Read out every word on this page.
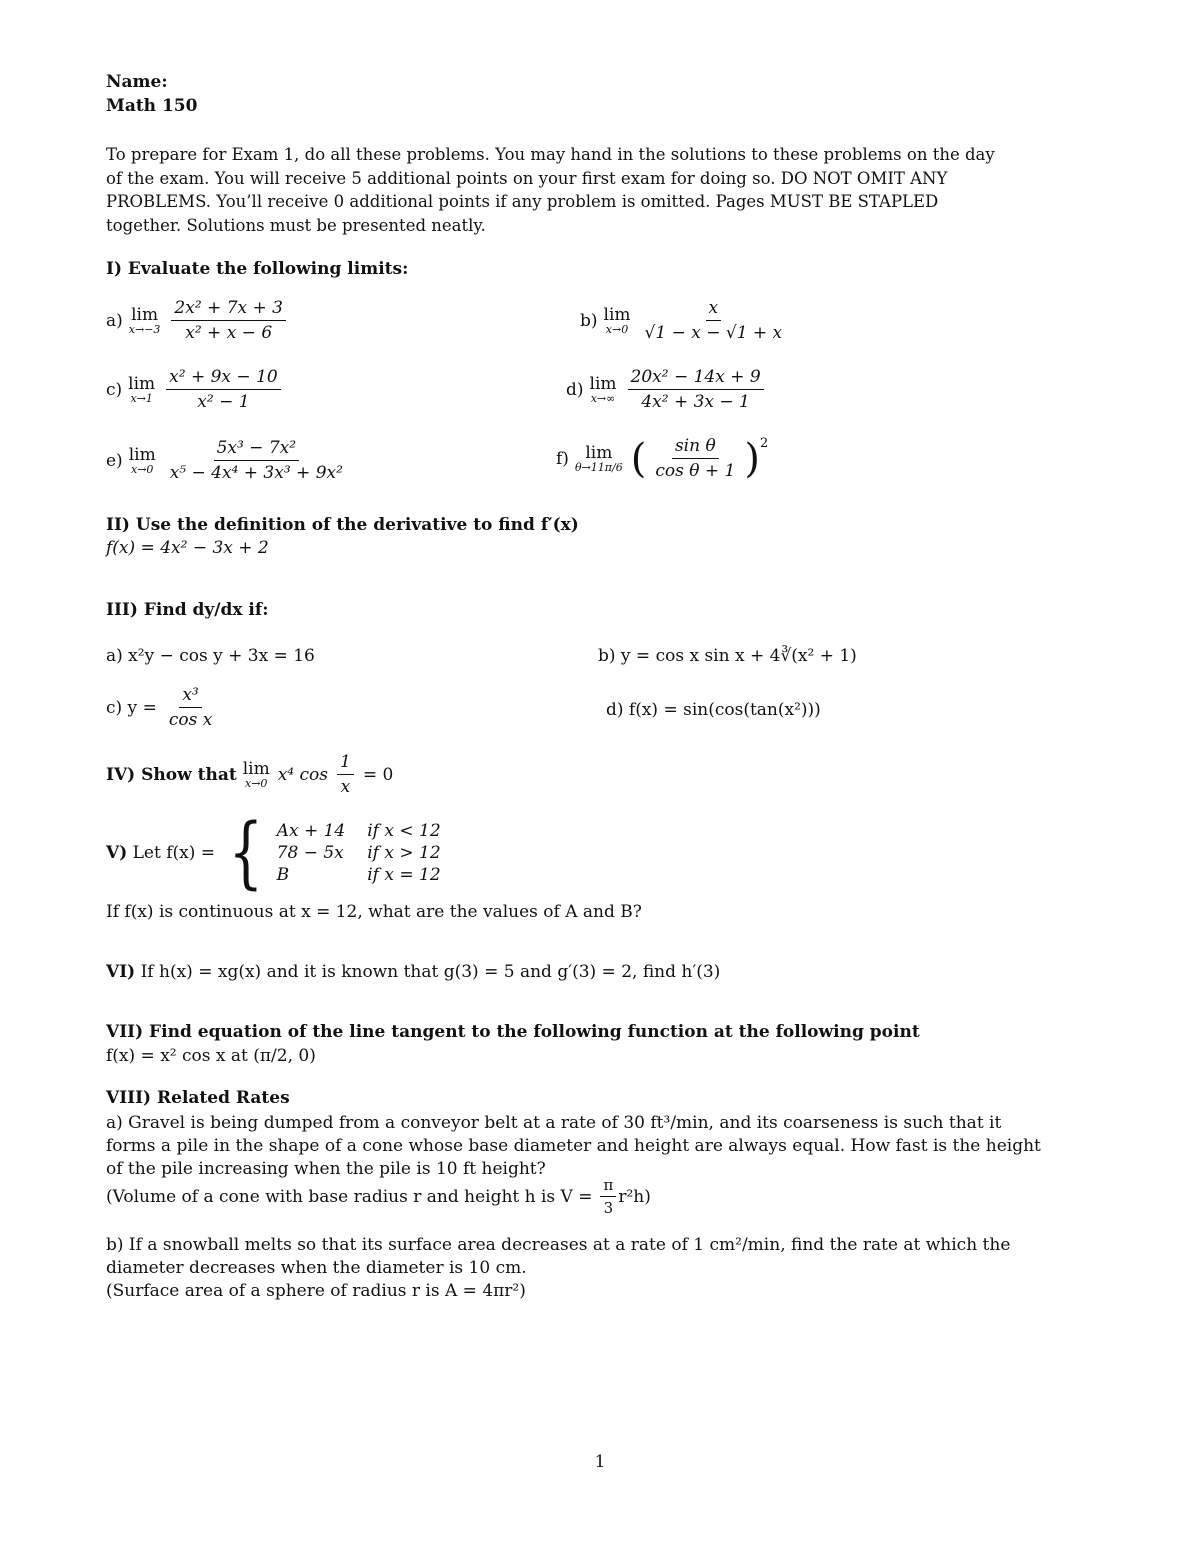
Name:
Math 150
To prepare for Exam 1, do all these problems. You may hand in the solutions to these problems on the day
of the exam. You will receive 5 additional points on your first exam for doing so. DO NOT OMIT ANY
PROBLEMS. You’ll receive 0 additional points if any problem is omitted. Pages MUST BE STAPLED
together. Solutions must be presented neatly.
I) Evaluate the following limits:
a) lim
$x\to-3 \frac{\text{2x² + 7x + 3}}{\text{x² + x − 6}}$	b) lim
$x\to 0 \frac{x}{√1 - x - √1 + x}$
c) lim
$x\to 1 \frac{\text{x² + 9x − 10}}{\text{x² − 1}}$	d) lim
$x\to\infty \frac{\text{20x² − 14x + 9}}{\text{4x² + 3x − 1}}$
e) lim
$x\to 0 \frac{\text{5x³ − 7x²}}{\text{x⁵ − 4x⁴ + 3x³ + 9x²}}$	f) lim
θ→11π/6 ( $\frac{\text{sin θ}}{\text{cos θ + 1}}$ ) 2
II) Use the definition of the derivative to find f′(x)
f(x) = 4x² − 3x + 2
III) Find dy/dx if:
a) x²y − cos y + 3x = 16	b) y = cos x sin x + 4∛(x² + 1)
c) $y = \frac{\text{x³}}{\text{cos x}}$	d) f(x) = sin(cos(tan(x²)))
IV) Show that lim
x→0 x⁴ $\cos \frac{1}{x} = 0$
V) Let f(x) = { Ax + 14 if x < 12
78 − 5x if x > 12
B	if x = 12
If f(x) is continuous at x = 12, what are the values of A and B?
VI) If h(x) = xg(x) and it is known that g(3) = 5 and g′(3) = 2, find h′(3)
VII) Find equation of the line tangent to the following function at the following point
f(x) = x² cos x at (π/2, 0)
VIII) Related Rates
a) Gravel is being dumped from a conveyor belt at a rate of 30 ft³/min, and its coarseness is such that it
forms a pile in the shape of a cone whose base diameter and height are always equal. How fast is the height
of the pile increasing when the pile is 10 ft height?
(Volume of a cone with base radius r and height h is $V = \frac{\pi}{3} r^2h$)
b) If a snowball melts so that its surface area decreases at a rate of 1 cm²/min, find the rate at which the
diameter decreases when the diameter is 10 cm.
(Surface area of a sphere of radius r is A = 4πr²)
1
